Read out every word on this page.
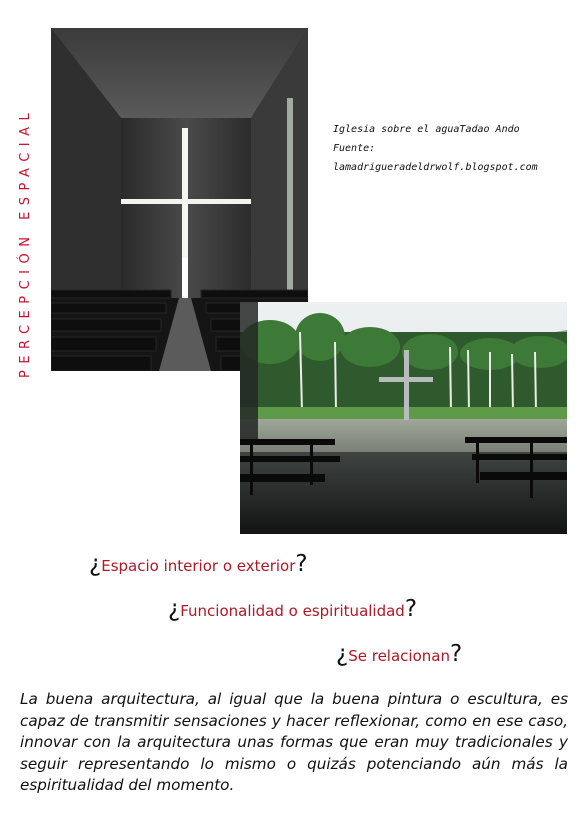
PERCEPCIÓN ESPACIAL	Iglesia sobre el aguaTadao Ando
Fuente:
lamadrigueradeldrwolf.blogspot.com
¿Espacio interior o exterior?
¿Funcionalidad o espiritualidad?
¿Se relacionan?
La buena arquitectura, al igual que la buena pintura o escultura, es capaz de transmitir sensaciones y hacer reflexionar, como en ese caso, innovar con la arquitectura unas formas que eran muy tradicionales y seguir representando lo mismo o quizás potenciando aún más la espiritualidad del momento.
